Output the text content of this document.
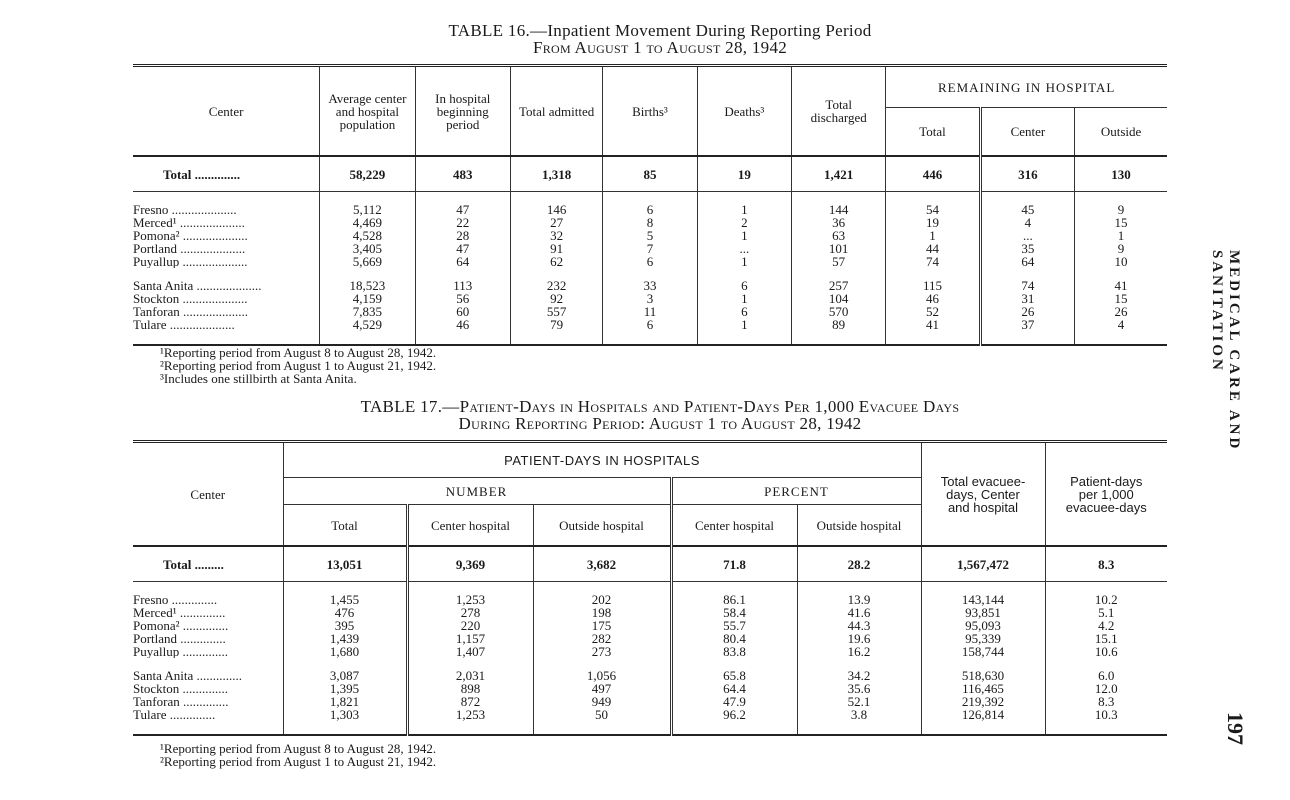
TABLE 16.—Inpatient Movement During Reporting Period
From August 1 to August 28, 1942
Center	Average center and hospital population	In hospital beginning period	Total admitted	Births³	Deaths³	Total discharged	REMAINING IN HOSPITAL		
							Total	Center	Outside
Total ..............	58,229	483	1,318	85	19	1,421	446	316	130

Fresno ....................	5,112	47	146	6	1	144	54	45	9
Merced¹ ....................	4,469	22	27	8	2	36	19	4	15
Pomona² ....................	4,528	28	32	5	1	63	1	...	1
Portland ....................	3,405	47	91	7	...	101	44	35	9
Puyallup ....................	5,669	64	62	6	1	57	74	64	10

Santa Anita ....................	18,523	113	232	33	6	257	115	74	41
Stockton ....................	4,159	56	92	3	1	104	46	31	15
Tanforan ....................	7,835	60	557	11	6	570	52	26	26
Tulare ....................	4,529	46	79	6	1	89	41	37	4

¹Reporting period from August 8 to August 28, 1942.
²Reporting period from August 1 to August 21, 1942.
³Includes one stillbirth at Santa Anita.
TABLE 17.—Patient-Days in Hospitals and Patient-Days Per 1,000 Evacuee Days
During Reporting Period: August 1 to August 28, 1942
Center	PATIENT-DAYS IN HOSPITALS					Total evacuee-days, Center and hospital	Patient-days per 1,000 evacuee-days
	NUMBER			PERCENT			
	Total	Center hospital	Outside hospital	Center hospital	Outside hospital		
Total .........	13,051	9,369	3,682	71.8	28.2	1,567,472	8.3

Fresno ..............	1,455	1,253	202	86.1	13.9	143,144	10.2
Merced¹ ..............	476	278	198	58.4	41.6	93,851	5.1
Pomona² ..............	395	220	175	55.7	44.3	95,093	4.2
Portland ..............	1,439	1,157	282	80.4	19.6	95,339	15.1
Puyallup ..............	1,680	1,407	273	83.8	16.2	158,744	10.6

Santa Anita ..............	3,087	2,031	1,056	65.8	34.2	518,630	6.0
Stockton ..............	1,395	898	497	64.4	35.6	116,465	12.0
Tanforan ..............	1,821	872	949	47.9	52.1	219,392	8.3
Tulare ..............	1,303	1,253	50	96.2	3.8	126,814	10.3

¹Reporting period from August 8 to August 28, 1942.
²Reporting period from August 1 to August 21, 1942.
MEDICAL CARE AND SANITATION
197
